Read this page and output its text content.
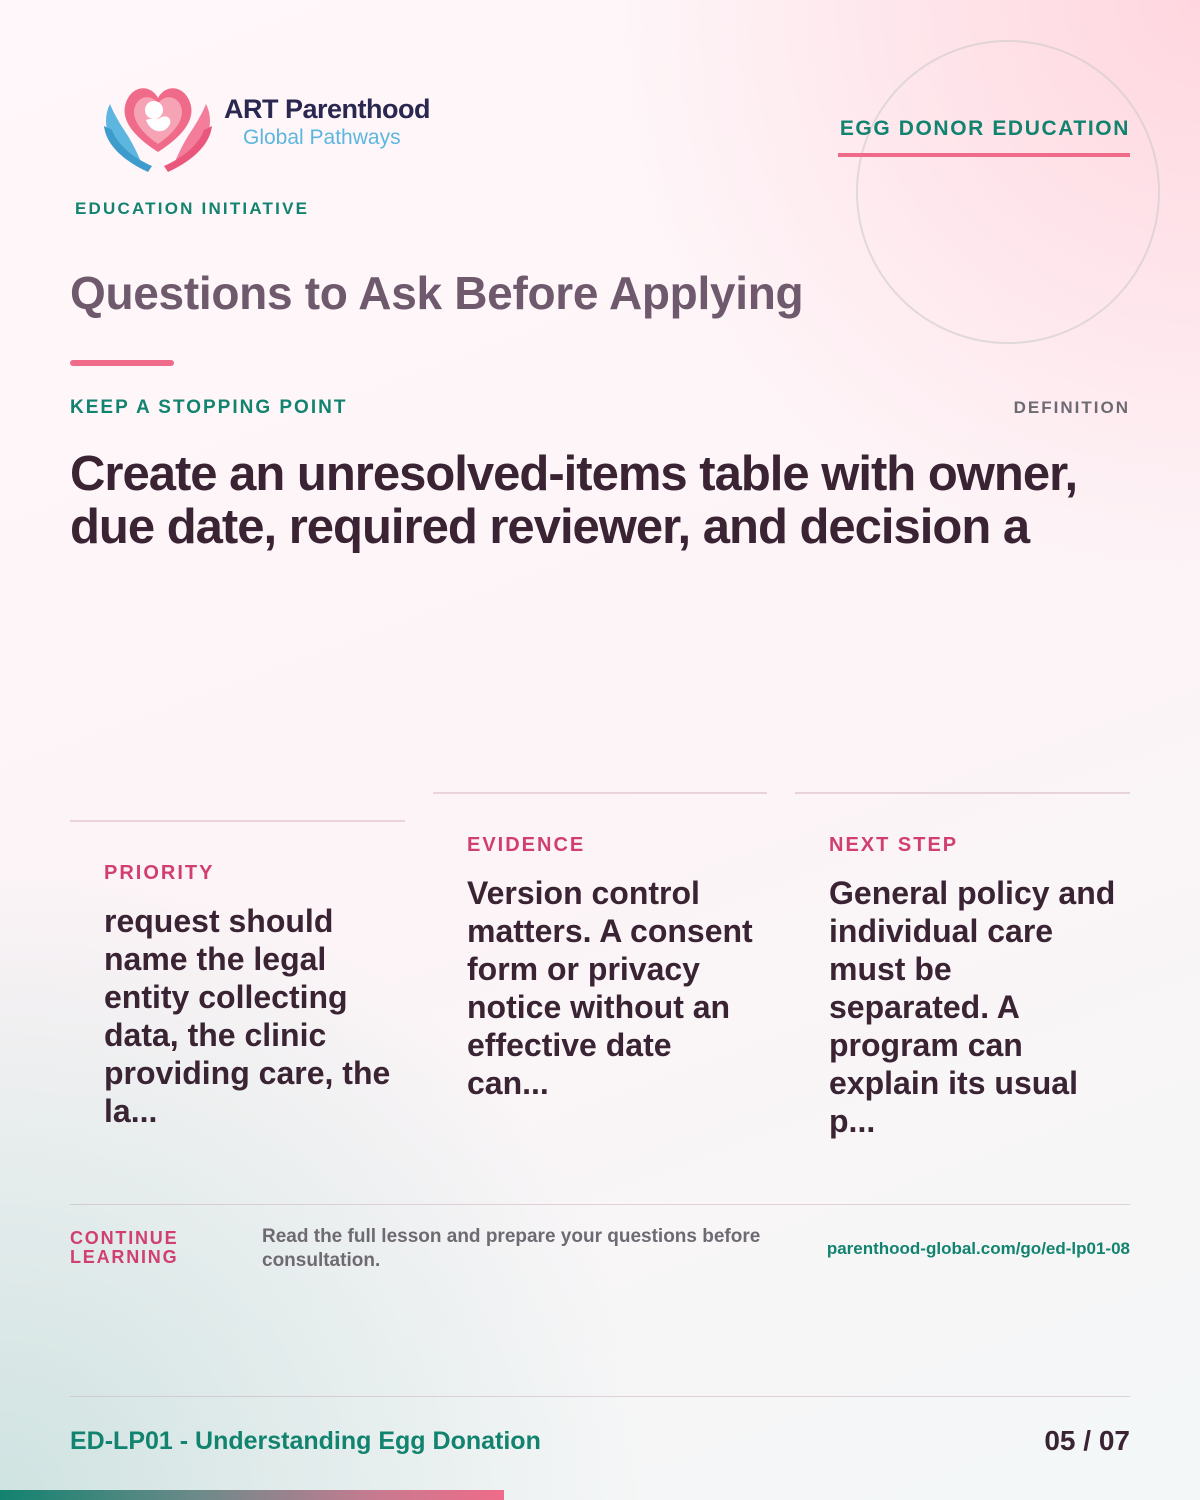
ART Parenthood
Global Pathways
EDUCATION INITIATIVE
EGG DONOR EDUCATION
Questions to Ask Before Applying
KEEP A STOPPING POINT	DEFINITION
Create an unresolved-items table with owner, due date, required reviewer, and decision a
PRIORITY

request should name the legal entity collecting data, the clinic providing care, the la...

EVIDENCE

Version control matters. A consent form or privacy notice without an effective date can...

NEXT STEP

General policy and individual care must be separated. A program can explain its usual p...

CONTINUE LEARNING
Read the full lesson and prepare your questions before consultation.
parenthood-global.com/go/ed-lp01-08
ED-LP01 - Understanding Egg Donation	05 / 07
